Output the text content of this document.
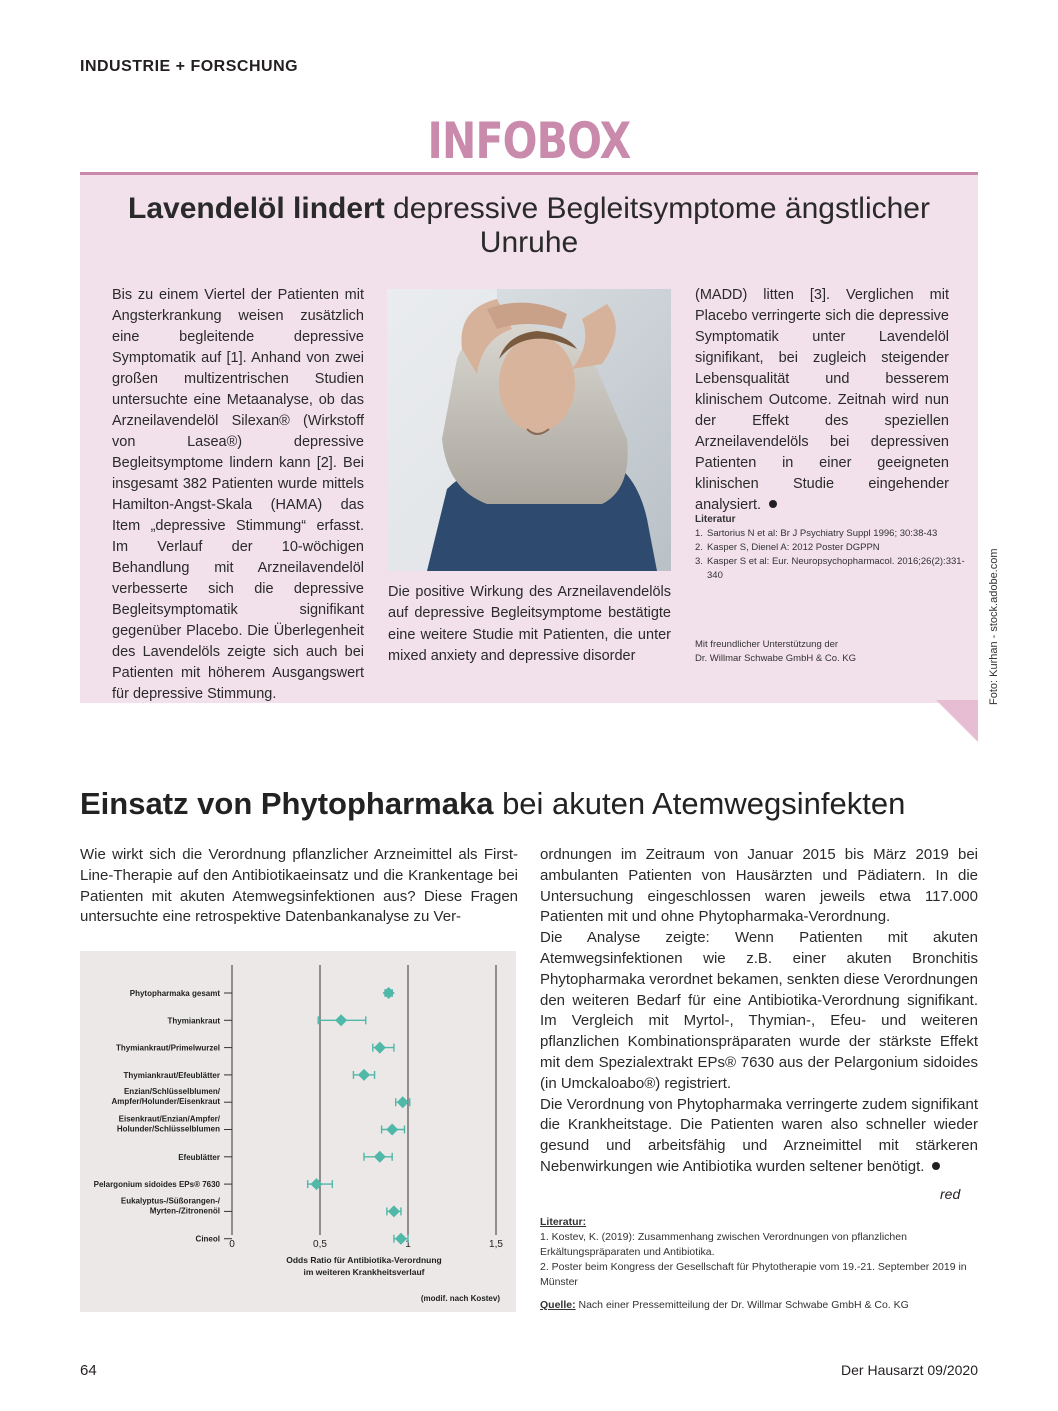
INDUSTRIE + FORSCHUNG
INFOBOX
Lavendelöl lindert depressive Begleitsymptome ängstlicher Unruhe
Bis zu einem Viertel der Patienten mit Angsterkrankung weisen zusätzlich eine begleitende depressive Symptomatik auf [1]. Anhand von zwei großen multizentrischen Studien untersuchte eine Metaanalyse, ob das Arzneilavendelöl Silexan® (Wirkstoff von Lasea®) depressive Begleitsymptome lindern kann [2]. Bei insgesamt 382 Patienten wurde mittels Hamilton-Angst-Skala (HAMA) das Item „depressive Stimmung“ erfasst. Im Verlauf der 10-wöchigen Behandlung mit Arzneilavendelöl verbesserte sich die depressive Begleitsymptomatik signifikant gegenüber Placebo. Die Überlegenheit des Lavendelöls zeigte sich auch bei Patienten mit höherem Ausgangswert für depressive Stimmung.
Die positive Wirkung des Arzneilavendelöls auf depressive Begleitsymptome bestätigte eine weitere Studie mit Patienten, die unter mixed anxiety and depressive disorder
(MADD) litten [3]. Verglichen mit Placebo verringerte sich die depressive Symptomatik unter Lavendelöl signifikant, bei zugleich steigender Lebensqualität und besserem klinischem Outcome. Zeitnah wird nun der Effekt des speziellen Arzneilavendelöls bei depressiven Patienten in einer geeigneten klinischen Studie eingehender analysiert.
Literatur
1. Sartorius N et al: Br J Psychiatry Suppl 1996; 30:38-43
2. Kasper S, Dienel A: 2012 Poster DGPPN
3. Kasper S et al: Eur. Neuropsychopharmacol. 2016;26(2):331-340
Mit freundlicher Unterstützung der
Dr. Willmar Schwabe GmbH & Co. KG	Foto: Kurhan - stock.adobe.com
Einsatz von Phytopharmaka bei akuten Atemwegsinfekten
Wie wirkt sich die Verordnung pflanzlicher Arzneimittel als First-Line-Therapie auf den Antibiotikaeinsatz und die Krankentage bei Patienten mit akuten Atemwegsinfektionen aus? Diese Fragen untersuchte eine retrospektive Datenbankanalyse zu Ver-
ordnungen im Zeitraum von Januar 2015 bis März 2019 bei ambulanten Patienten von Hausärzten und Pädiatern. In die Untersuchung eingeschlossen waren jeweils etwa 117.000 Patienten mit und ohne Phytopharmaka-Verordnung.
Die Analyse zeigte: Wenn Patienten mit akuten Atemwegsinfektionen wie z.B. einer akuten Bronchitis Phytopharmaka verordnet bekamen, senkten diese Verordnungen den weiteren Bedarf für eine Antibiotika-Verordnung signifikant. Im Vergleich mit Myrtol-, Thymian-, Efeu- und weiteren pflanzlichen Kombinationspräparaten wurde der stärkste Effekt mit dem Spezialextrakt EPs® 7630 aus der Pelargonium sidoides (in Umckaloabo®) registriert.
Die Verordnung von Phytopharmaka verringerte zudem signifikant die Krankheitstage. Die Patienten waren also schneller wieder gesund und arbeitsfähig und Arzneimittel mit stärkeren Nebenwirkungen wie Antibiotika wurden seltener benötigt.
red
0	0,5	1	1,5
Phytopharmaka gesamt
Thymiankraut
Thymiankraut/Primelwurzel
Thymiankraut/Efeublätter
Enzian/Schlüsselblumen/
Ampfer/Holunder/Eisenkraut
Eisenkraut/Enzian/Ampfer/
Holunder/Schlüsselblumen
Efeublätter
Pelargonium sidoides EPs® 7630
Eukalyptus-/Süßorangen-/
Myrten-/Zitronenöl
Cineol
Odds Ratio für Antibiotika-Verordnung
im weiteren Krankheitsverlauf
(modif. nach Kostev)

Literatur:

1. Kostev, K. (2019): Zusammenhang zwischen Verordnungen von pflanzlichen Erkältungspräparaten und Antibiotika.

2. Poster beim Kongress der Gesellschaft für Phytotherapie vom 19.-21. September 2019 in Münster

Quelle: Nach einer Pressemitteilung der Dr. Willmar Schwabe GmbH & Co. KG

64	Der Hausarzt 09/2020
